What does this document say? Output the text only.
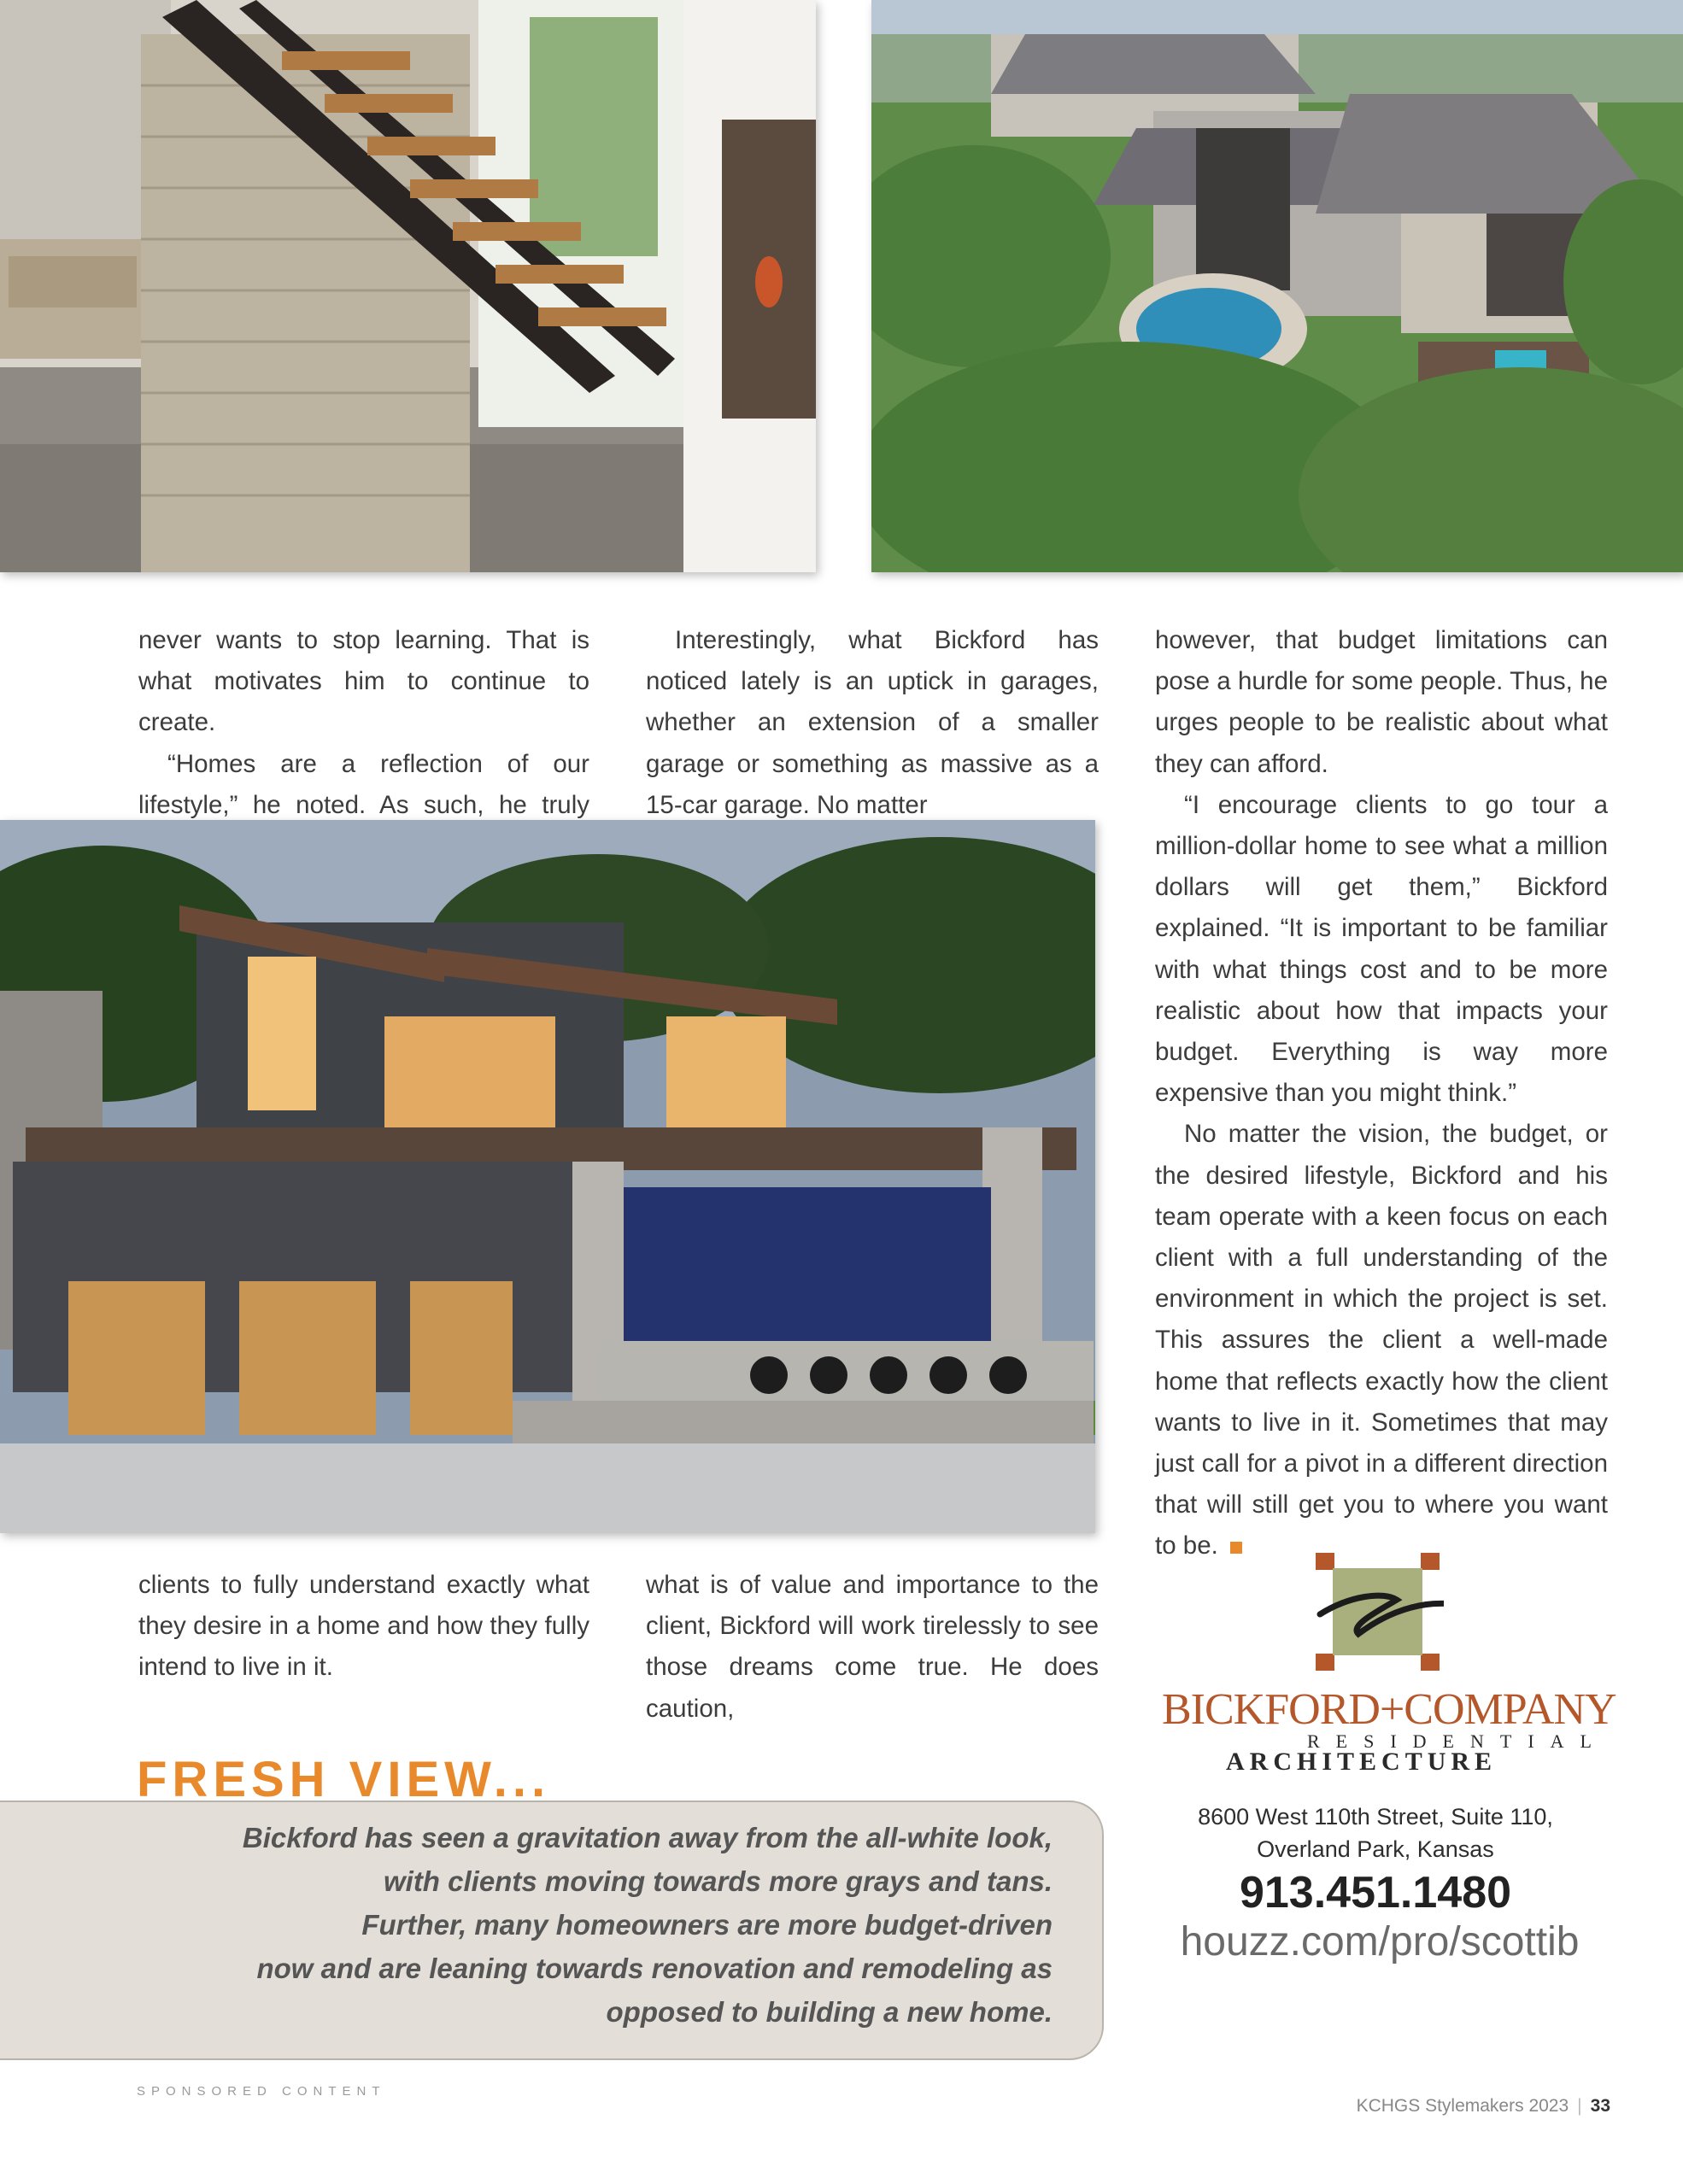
never wants to stop learning. That is what motivates him to continue to create.

“Homes are a reflection of our lifestyle,” he noted. As such, he truly

Interestingly, what Bickford has noticed lately is an uptick in garages, whether an extension of a smaller garage or something as massive as a 15-car garage. No matter

however, that budget limitations can pose a hurdle for some people. Thus, he urges people to be realistic about what they can afford.

“I encourage clients to go tour a million-dollar home to see what a million dollars will get them,” Bickford explained. “It is important to be familiar with what things cost and to be more realistic about how that impacts your budget. Everything is way more expensive than you might think.”

No matter the vision, the budget, or the desired lifestyle, Bickford and his team operate with a keen focus on each client with a full understanding of the environment in which the project is set. This assures the client a well-made home that reflects exactly how the client wants to live in it. Sometimes that may just call for a pivot in a different direction that will still get you to where you want to be.

clients to fully understand exactly what they desire in a home and how they fully intend to live in it.

what is of value and importance to the client, Bickford will work tirelessly to see those dreams come true. He does caution,

FRESH VIEW...
Bickford has seen a gravitation away from the all-white look,
with clients moving towards more grays and tans.
Further, many homeowners are more budget-driven
now and are leaning towards renovation and remodeling as
opposed to building a new home.
BICKFORD+COMPANY
RESIDENTIAL
ARCHITECTURE
8600 West 110th Street, Suite 110,
Overland Park, Kansas
913.451.1480
houzz.com/pro/scottib
SPONSORED CONTENT
KCHGS Stylemakers 2023 | 33
